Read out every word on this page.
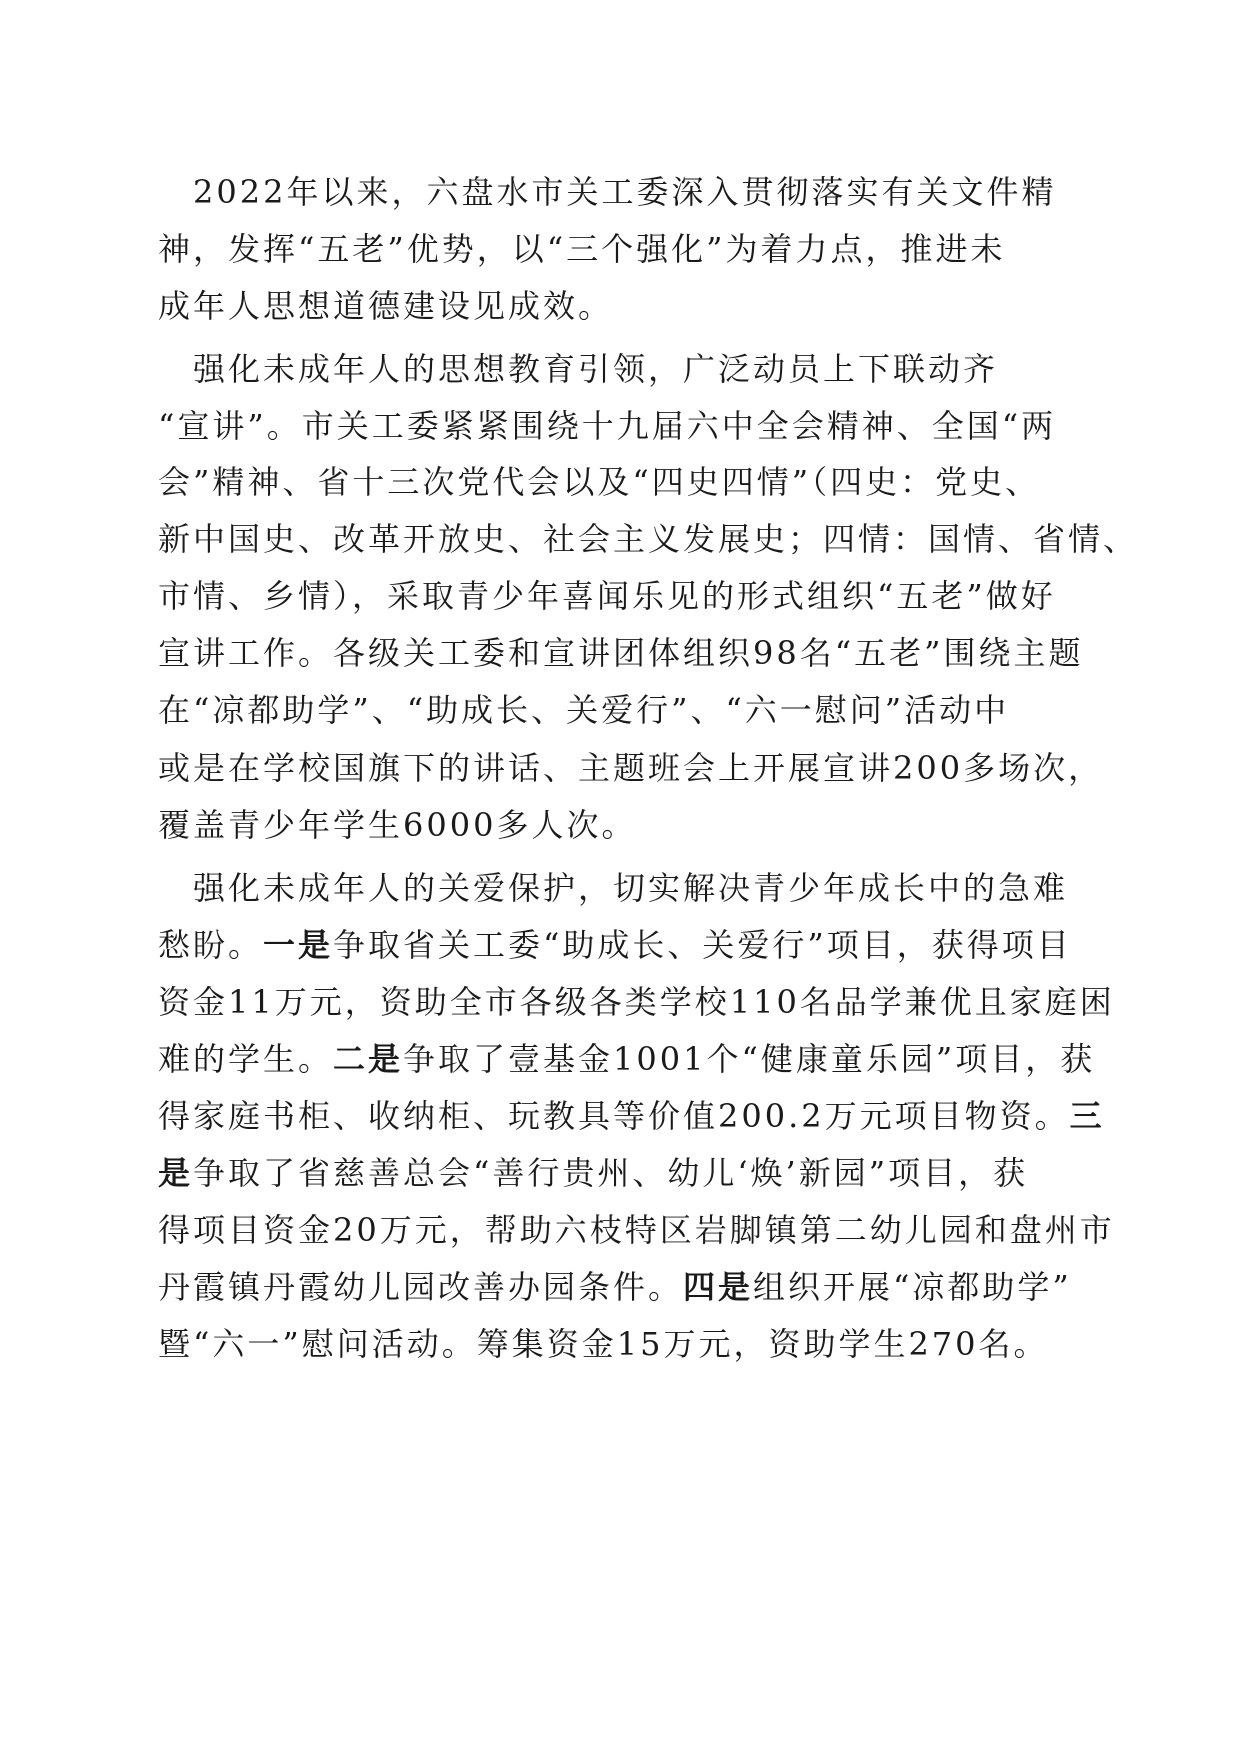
　2022年以来，六盘水市关工委深入贯彻落实有关文件精

神，发挥“五老”优势，以“三个强化”为着力点，推进未

成年人思想道德建设见成效。

　强化未成年人的思想教育引领，广泛动员上下联动齐

“宣讲”。市关工委紧紧围绕十九届六中全会精神、全国“两

会”精神、省十三次党代会以及“四史四情”（四史：党史、

新中国史、改革开放史、社会主义发展史；四情：国情、省情、

市情、乡情），采取青少年喜闻乐见的形式组织“五老”做好

宣讲工作。各级关工委和宣讲团体组织98名“五老”围绕主题

在“凉都助学”、“助成长、关爱行”、“六一慰问”活动中

或是在学校国旗下的讲话、主题班会上开展宣讲200多场次，

覆盖青少年学生6000多人次。

　强化未成年人的关爱保护，切实解决青少年成长中的急难

愁盼。一是争取省关工委“助成长、关爱行”项目，获得项目

资金11万元，资助全市各级各类学校110名品学兼优且家庭困

难的学生。二是争取了壹基金1001个“健康童乐园”项目，获

得家庭书柜、收纳柜、玩教具等价值200.2万元项目物资。三

是争取了省慈善总会“善行贵州、幼儿‘焕’新园”项目，获

得项目资金20万元，帮助六枝特区岩脚镇第二幼儿园和盘州市

丹霞镇丹霞幼儿园改善办园条件。四是组织开展“凉都助学”

暨“六一”慰问活动。筹集资金15万元，资助学生270名。
